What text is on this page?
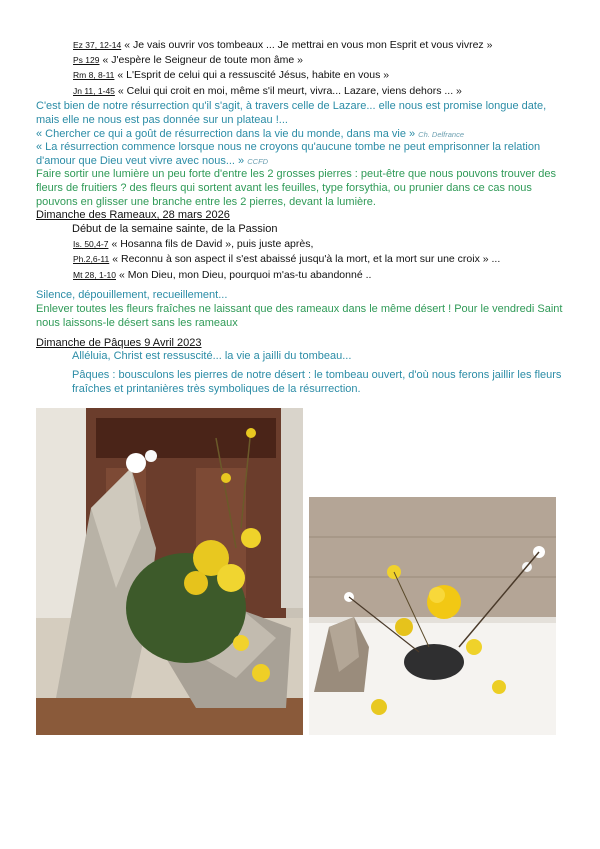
Ez 37, 12-14 « Je vais ouvrir vos tombeaux ... Je mettrai en vous mon Esprit et vous vivrez »
Ps 129 « J'espère le Seigneur de toute mon âme »
Rm 8, 8-11 « L'Esprit de celui qui a ressuscité Jésus, habite en vous »
Jn 11, 1-45 « Celui qui croit en moi, même s'il meurt, vivra... Lazare, viens dehors ... »
C'est bien de notre résurrection qu'il s'agit, à travers celle de Lazare... elle nous est promise longue date, mais elle ne nous est pas donnée sur un plateau !...
« Chercher ce qui a goût de résurrection dans la vie du monde, dans ma vie » Ch. Delfrance
« La résurrection commence lorsque nous ne croyons qu'aucune tombe ne peut emprisonner la relation d'amour que Dieu veut vivre avec nous... » CCFD
Faire sortir une lumière un peu forte d'entre les 2 grosses pierres : peut-être que nous pouvons trouver des fleurs de fruitiers ? des fleurs qui sortent avant les feuilles, type forsythia, ou prunier dans ce cas nous pouvons en glisser une branche entre les 2 pierres, devant la lumière.
Dimanche des Rameaux, 28 mars 2026
Début de la semaine sainte, de la Passion
Is. 50,4-7 « Hosanna fils de David », puis juste après,
Ph.2,6-11 « Reconnu à son aspect il s'est abaissé jusqu'à la mort, et la mort sur une croix » ...
Mt 28, 1-10 « Mon Dieu, mon Dieu, pourquoi m'as-tu abandonné ..
Silence, dépouillement, recueillement...
Enlever toutes les fleurs fraîches ne laissant que des rameaux dans le même désert ! Pour le vendredi Saint nous laissons-le désert sans les rameaux
Dimanche de Pâques 9 Avril 2023
Alléluia, Christ est ressuscité... la vie a jailli du tombeau...
Pâques : bousculons les pierres de notre désert : le tombeau ouvert, d'où nous ferons jaillir les fleurs fraîches et printanières très symboliques de la résurrection.
